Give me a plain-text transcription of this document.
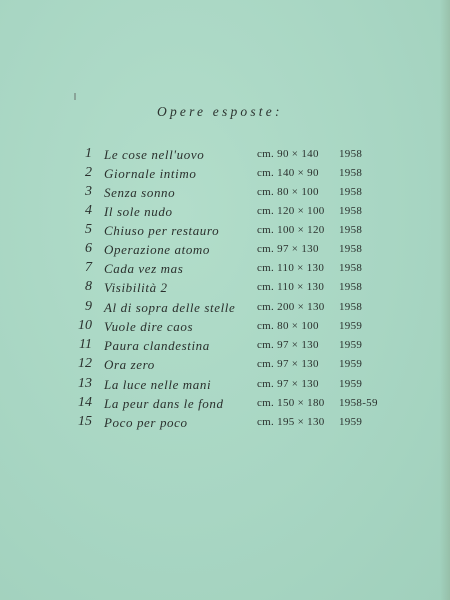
Opere esposte:
1 Le cose nell'uovo	cm. 90 × 140 1958
2 Giornale intimo	cm. 140 × 90 1958
3 Senza sonno	cm. 80 × 100 1958
4 Il sole nudo	cm. 120 × 100 1958
5 Chiuso per restauro	cm. 100 × 120 1958
6 Operazione atomo	cm. 97 × 130 1958
7 Cada vez mas	cm. 110 × 130 1958
8 Visibilità 2	cm. 110 × 130 1958
9 Al di sopra delle stelle cm. 200 × 130 1958
10 Vuole dire caos	cm. 80 × 100 1959
11 Paura clandestina	cm. 97 × 130 1959
12 Ora zero	cm. 97 × 130 1959
13 La luce nelle mani	cm. 97 × 130 1959
14 La peur dans le fond	cm. 150 × 180 1958-59
15 Poco per poco	cm. 195 × 130 1959
